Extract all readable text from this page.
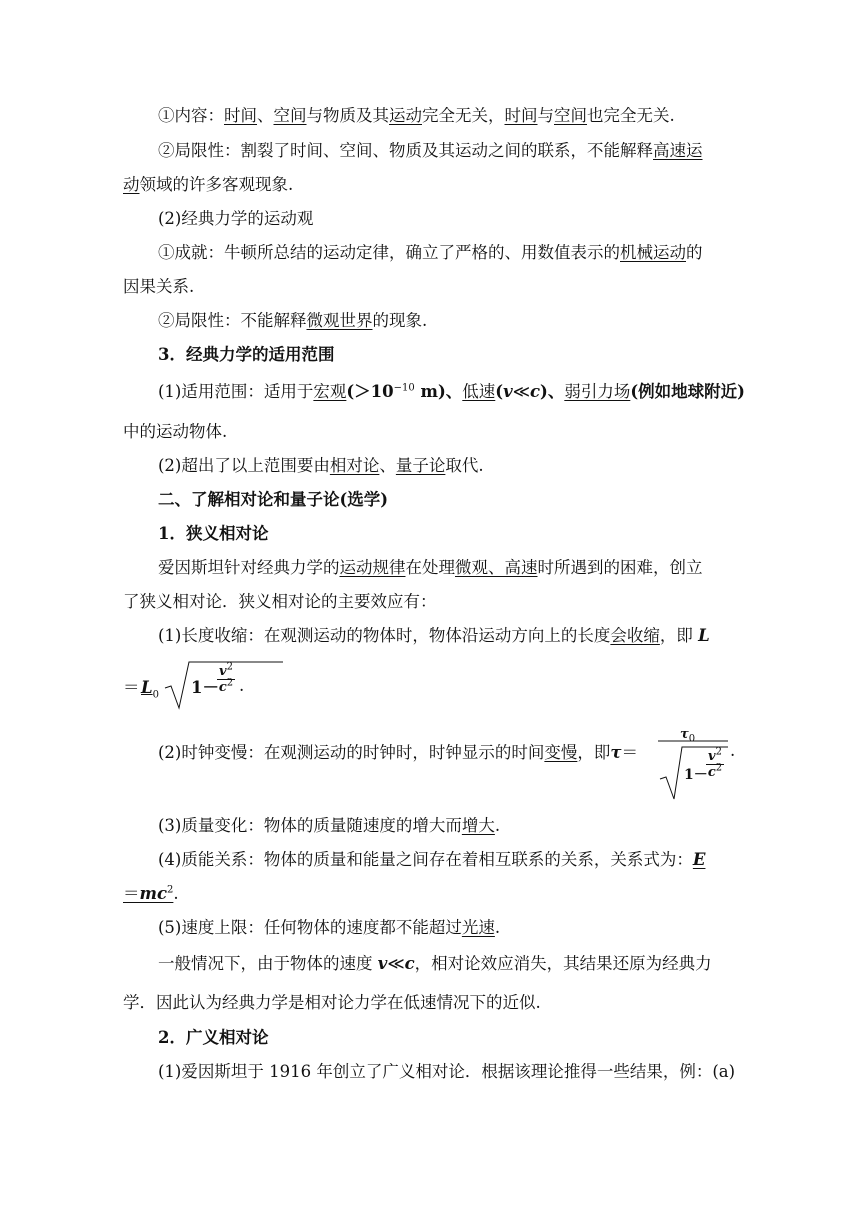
①内容：时间、空间与物质及其运动完全无关，时间与空间也完全无关.
②局限性：割裂了时间、空间、物质及其运动之间的联系，不能解释高速运
动领域的许多客观现象.
(2)经典力学的运动观
①成就：牛顿所总结的运动定律，确立了严格的、用数值表示的机械运动的
因果关系.
②局限性：不能解释微观世界的现象.
3．经典力学的适用范围
(1)适用范围：适用于宏观($>10^{-10}$ m)、低速(v≪c)、弱引力场(例如地球附近)
中的运动物体.
(2)超出了以上范围要由相对论、量子论取代.
二、了解相对论和量子论(选学)
1．狭义相对论
爱因斯坦针对经典力学的运动规律在处理微观、高速时所遇到的困难，创立
了狭义相对论．狭义相对论的主要效应有：
(1)长度收缩：在观测运动的物体时，物体沿运动方向上的长度会收缩，即 L
＝ $L_0$ 1－
$\frac{v^2}{c^2}$ .
(2)时钟变慢：在观测运动的时钟时，时钟显示的时间变慢，即τ＝
$\tau_0$
1－
$\frac{v^2}{c^2}$ .
(3)质量变化：物体的质量随速度的增大而增大.
(4)质能关系：物体的质量和能量之间存在着相互联系的关系，关系式为：E
$=mc^2$.
(5)速度上限：任何物体的速度都不能超过光速.
一般情况下，由于物体的速度 v≪c，相对论效应消失，其结果还原为经典力
学．因此认为经典力学是相对论力学在低速情况下的近似.
2．广义相对论
(1)爱因斯坦于 1916 年创立了广义相对论．根据该理论推得一些结果，例：(a)
